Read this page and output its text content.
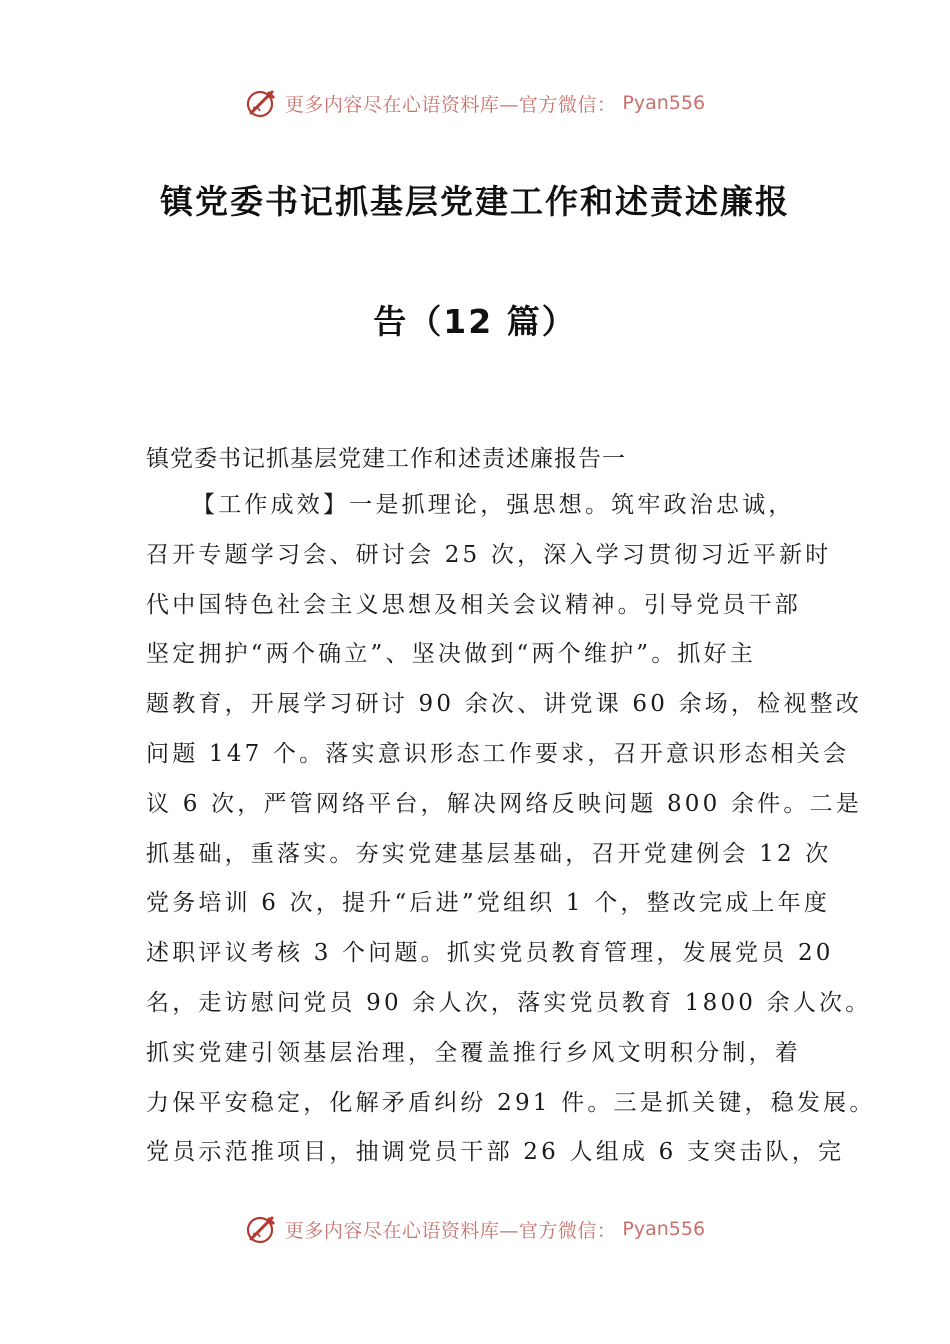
更多内容尽在心语资料库—官方微信： Pyan556
镇党委书记抓基层党建工作和述责述廉报
告（12 篇）
镇党委书记抓基层党建工作和述责述廉报告一
【工作成效】一是抓理论，强思想。筑牢政治忠诚，
召开专题学习会、研讨会 25 次，深入学习贯彻习近平新时
代中国特色社会主义思想及相关会议精神。引导党员干部
坚定拥护“两个确立”、坚决做到“两个维护”。抓好主
题教育，开展学习研讨 90 余次、讲党课 60 余场，检视整改
问题 147 个。落实意识形态工作要求，召开意识形态相关会
议 6 次，严管网络平台，解决网络反映问题 800 余件。二是
抓基础，重落实。夯实党建基层基础，召开党建例会 12 次
党务培训 6 次，提升“后进”党组织 1 个，整改完成上年度
述职评议考核 3 个问题。抓实党员教育管理，发展党员 20
名，走访慰问党员 90 余人次，落实党员教育 1800 余人次。
抓实党建引领基层治理，全覆盖推行乡风文明积分制，着
力保平安稳定，化解矛盾纠纷 291 件。三是抓关键，稳发展。
党员示范推项目，抽调党员干部 26 人组成 6 支突击队，完
更多内容尽在心语资料库—官方微信： Pyan556
